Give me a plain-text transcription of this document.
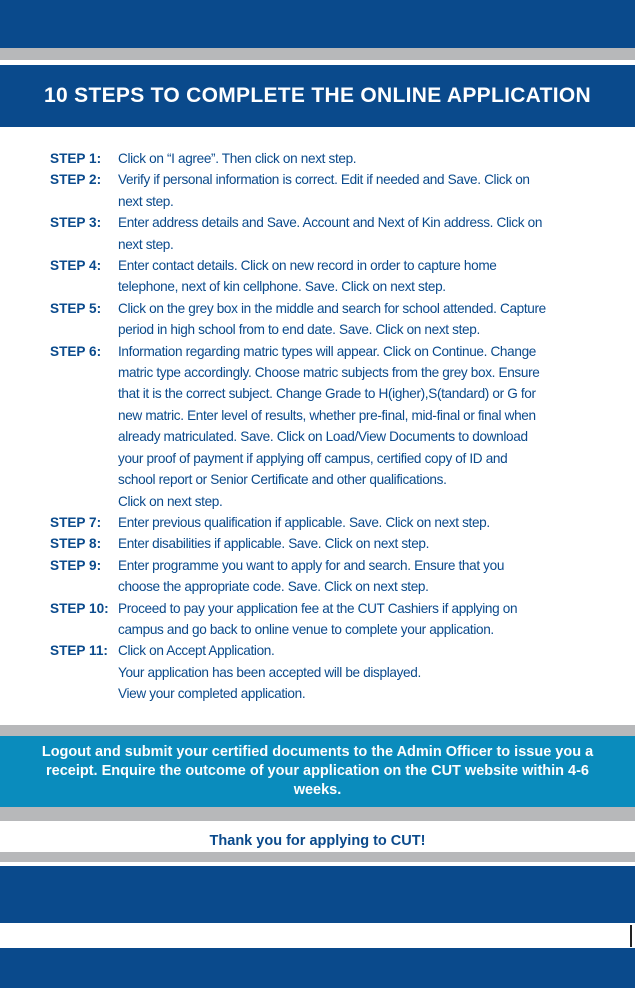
10 STEPS TO COMPLETE THE ONLINE APPLICATION
STEP 1:	Click on “I agree”. Then click on next step.
STEP 2:	Verify if personal information is correct. Edit if needed and Save. Click on
next step.
STEP 3:	Enter address details and Save. Account and Next of Kin address. Click on
next step.
STEP 4:	Enter contact details. Click on new record in order to capture home
telephone, next of kin cellphone. Save. Click on next step.
STEP 5:	Click on the grey box in the middle and search for school attended. Capture
period in high school from to end date. Save. Click on next step.
STEP 6:	Information regarding matric types will appear. Click on Continue. Change
matric type accordingly. Choose matric subjects from the grey box. Ensure
that it is the correct subject. Change Grade to H(igher),S(tandard) or G for
new matric. Enter level of results, whether pre-final, mid-final or final when
already matriculated. Save. Click on Load/View Documents to download
your proof of payment if applying off campus, certified copy of ID and
school report or Senior Certificate and other qualifications.
Click on next step.
STEP 7:	Enter previous qualification if applicable. Save. Click on next step.
STEP 8:	Enter disabilities if applicable. Save. Click on next step.
STEP 9:	Enter programme you want to apply for and search. Ensure that you
choose the appropriate code. Save. Click on next step.
STEP 10: Proceed to pay your application fee at the CUT Cashiers if applying on
campus and go back to online venue to complete your application.
STEP 11: Click on Accept Application.
Your application has been accepted will be displayed.
View your completed application.

Logout and submit your certified documents to the Admin Officer to issue you a receipt. Enquire the outcome of your application on the CUT website within 4-6 weeks.

Thank you for applying to CUT!
